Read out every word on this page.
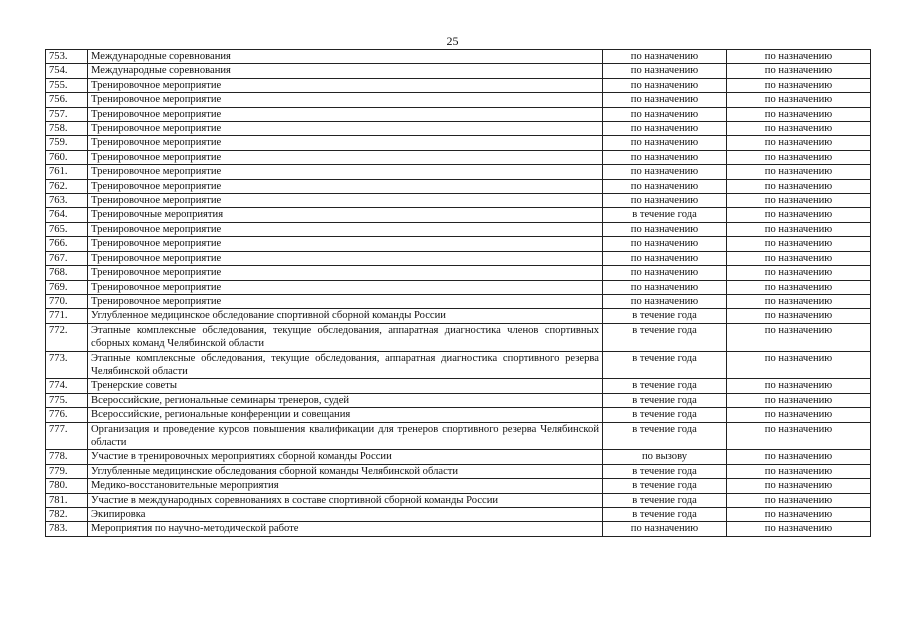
25
753.	Международные соревнования	по назначению	по назначению
754.	Международные соревнования	по назначению	по назначению
755.	Тренировочное мероприятие	по назначению	по назначению
756.	Тренировочное мероприятие	по назначению	по назначению
757.	Тренировочное мероприятие	по назначению	по назначению
758.	Тренировочное мероприятие	по назначению	по назначению
759.	Тренировочное мероприятие	по назначению	по назначению
760.	Тренировочное мероприятие	по назначению	по назначению
761.	Тренировочное мероприятие	по назначению	по назначению
762.	Тренировочное мероприятие	по назначению	по назначению
763.	Тренировочное мероприятие	по назначению	по назначению
764.	Тренировочные мероприятия	в течение года	по назначению
765.	Тренировочное мероприятие	по назначению	по назначению
766.	Тренировочное мероприятие	по назначению	по назначению
767.	Тренировочное мероприятие	по назначению	по назначению
768.	Тренировочное мероприятие	по назначению	по назначению
769.	Тренировочное мероприятие	по назначению	по назначению
770.	Тренировочное мероприятие	по назначению	по назначению
771.	Углубленное медицинское обследование спортивной сборной команды России	в течение года	по назначению
772.	Этапные комплексные обследования, текущие обследования, аппаратная диагностика членов спортивных сборных команд Челябинской области	в течение года	по назначению
773.	Этапные комплексные обследования, текущие обследования, аппаратная диагностика спортивного резерва Челябинской области	в течение года	по назначению
774.	Тренерские советы	в течение года	по назначению
775.	Всероссийские, региональные семинары тренеров, судей	в течение года	по назначению
776.	Всероссийские, региональные конференции и совещания	в течение года	по назначению
777.	Организация и проведение курсов повышения квалификации для тренеров спортивного резерва Челябинской области	в течение года	по назначению
778.	Участие в тренировочных мероприятиях сборной команды России	по вызову	по назначению
779.	Углубленные медицинские обследования сборной команды Челябинской области	в течение года	по назначению
780.	Медико-восстановительные мероприятия	в течение года	по назначению
781.	Участие в международных соревнованиях в составе спортивной сборной команды России	в течение года	по назначению
782.	Экипировка	в течение года	по назначению
783.	Мероприятия по научно-методической работе	по назначению	по назначению
